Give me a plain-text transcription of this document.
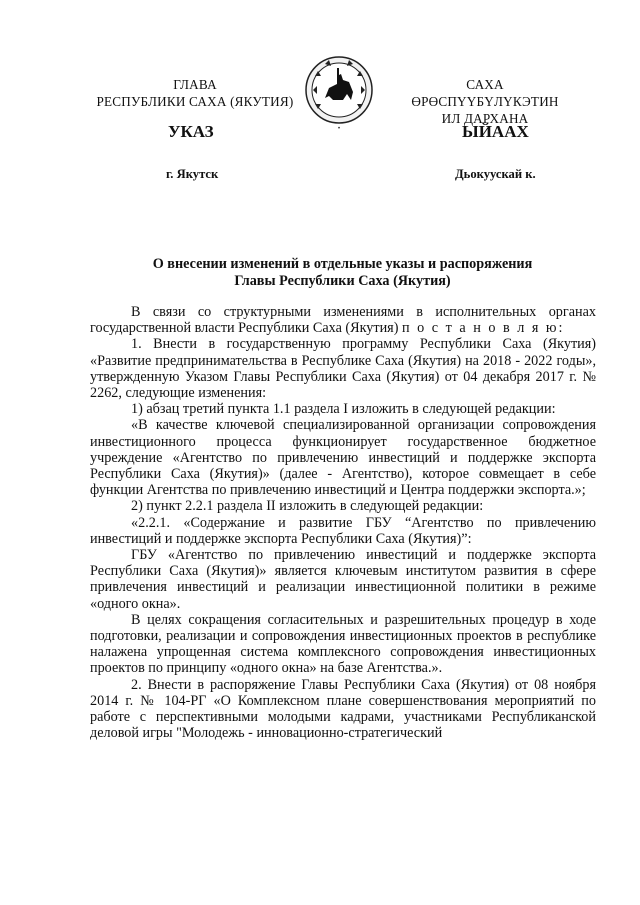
ГЛАВА
РЕСПУБЛИКИ САХА (ЯКУТИЯ)
•
САХА ӨРӨСПҮҮБҮЛҮКЭТИН
ИЛ ДАРХАНА
УКАЗ	ЫЙААХ
г. Якутск	Дьокуускай к.
О внесении изменений в отдельные указы и распоряжения
Главы Республики Саха (Якутия)

В связи со структурными изменениями в исполнительных органах государственной власти Республики Саха (Якутия) п о с т а н о в л я ю:

1. Внести в государственную программу Республики Саха (Якутия) «Развитие предпринимательства в Республике Саха (Якутия) на 2018 - 2022 годы», утвержденную Указом Главы Республики Саха (Якутия) от 04 декабря 2017 г. № 2262, следующие изменения:

1) абзац третий пункта 1.1 раздела I изложить в следующей редакции:

«В качестве ключевой специализированной организации сопровождения инвестиционного процесса функционирует государственное бюджетное учреждение «Агентство по привлечению инвестиций и поддержке экспорта Республики Саха (Якутия)» (далее - Агентство), которое совмещает в себе функции Агентства по привлечению инвестиций и Центра поддержки экспорта.»;

2) пункт 2.2.1 раздела II изложить в следующей редакции:

«2.2.1. «Содержание и развитие ГБУ “Агентство по привлечению инвестиций и поддержке экспорта Республики Саха (Якутия)”:

ГБУ «Агентство по привлечению инвестиций и поддержке экспорта Республики Саха (Якутия)» является ключевым институтом развития в сфере привлечения инвестиций и реализации инвестиционной политики в режиме «одного окна».

В целях сокращения согласительных и разрешительных процедур в ходе подготовки, реализации и сопровождения инвестиционных проектов в республике налажена упрощенная система комплексного сопровождения инвестиционных проектов по принципу «одного окна» на базе Агентства.».

2. Внести в распоряжение Главы Республики Саха (Якутия) от 08 ноября 2014 г. № 104-РГ «О Комплексном плане совершенствования мероприятий по работе с перспективными молодыми кадрами, участниками Республиканской деловой игры "Молодежь - инновационно-стратегический
